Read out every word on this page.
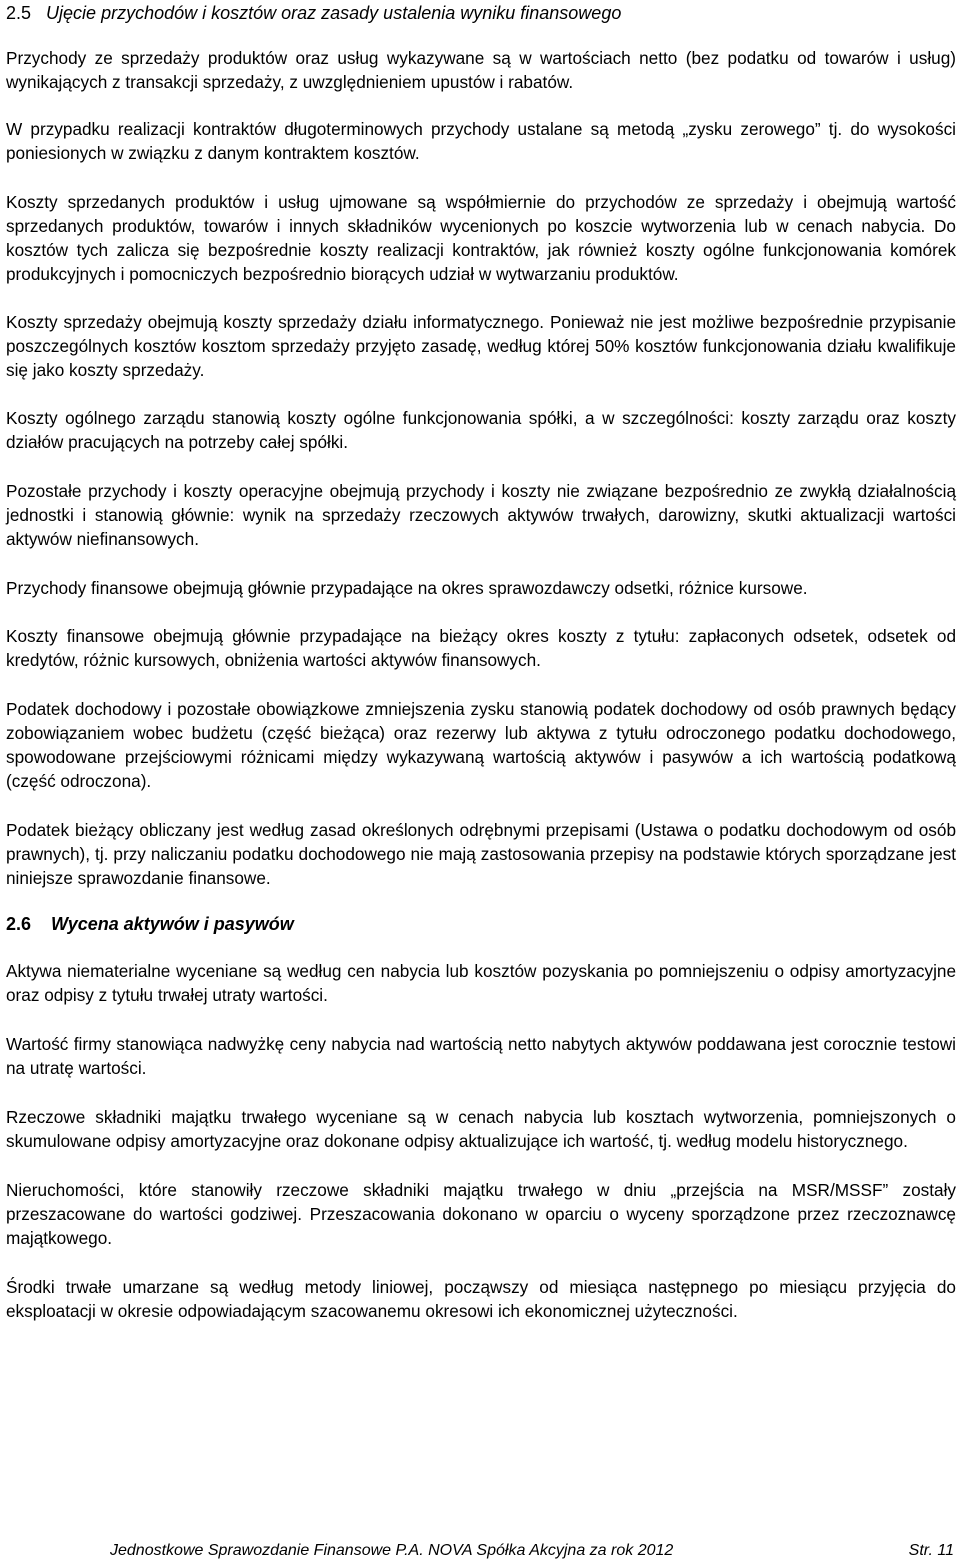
2.5 Ujęcie przychodów i kosztów oraz zasady ustalenia wyniku finansowego

Przychody ze sprzedaży produktów oraz usług wykazywane są w wartościach netto (bez podatku od towarów i usług) wynikających z transakcji sprzedaży, z uwzględnieniem upustów i rabatów.

W przypadku realizacji kontraktów długoterminowych przychody ustalane są metodą „zysku zerowego” tj. do wysokości poniesionych w związku z danym kontraktem kosztów.

Koszty sprzedanych produktów i usług ujmowane są współmiernie do przychodów ze sprzedaży i obejmują wartość sprzedanych produktów, towarów i innych składników wycenionych po koszcie wytworzenia lub w cenach nabycia. Do kosztów tych zalicza się bezpośrednie koszty realizacji kontraktów, jak również koszty ogólne funkcjonowania komórek produkcyjnych i pomocniczych bezpośrednio biorących udział w wytwarzaniu produktów.

Koszty sprzedaży obejmują koszty sprzedaży działu informatycznego. Ponieważ nie jest możliwe bezpośrednie przypisanie poszczególnych kosztów kosztom sprzedaży przyjęto zasadę, według której 50% kosztów funkcjonowania działu kwalifikuje się jako koszty sprzedaży.

Koszty ogólnego zarządu stanowią koszty ogólne funkcjonowania spółki, a w szczególności: koszty zarządu oraz koszty działów pracujących na potrzeby całej spółki.

Pozostałe przychody i koszty operacyjne obejmują przychody i koszty nie związane bezpośrednio ze zwykłą działalnością jednostki i stanowią głównie: wynik na sprzedaży rzeczowych aktywów trwałych, darowizny, skutki aktualizacji wartości aktywów niefinansowych.

Przychody finansowe obejmują głównie przypadające na okres sprawozdawczy odsetki, różnice kursowe.

Koszty finansowe obejmują głównie przypadające na bieżący okres koszty z tytułu: zapłaconych odsetek, odsetek od kredytów, różnic kursowych, obniżenia wartości aktywów finansowych.

Podatek dochodowy i pozostałe obowiązkowe zmniejszenia zysku stanowią podatek dochodowy od osób prawnych będący zobowiązaniem wobec budżetu (część bieżąca) oraz rezerwy lub aktywa z tytułu odroczonego podatku dochodowego, spowodowane przejściowymi różnicami między wykazywaną wartością aktywów i pasywów a ich wartością podatkową (część odroczona).

Podatek bieżący obliczany jest według zasad określonych odrębnymi przepisami (Ustawa o podatku dochodowym od osób prawnych), tj. przy naliczaniu podatku dochodowego nie mają zastosowania przepisy na podstawie których sporządzane jest niniejsze sprawozdanie finansowe.

2.6 Wycena aktywów i pasywów

Aktywa niematerialne wyceniane są według cen nabycia lub kosztów pozyskania po pomniejszeniu o odpisy amortyzacyjne oraz odpisy z tytułu trwałej utraty wartości.

Wartość firmy stanowiąca nadwyżkę ceny nabycia nad wartością netto nabytych aktywów poddawana jest corocznie testowi na utratę wartości.

Rzeczowe składniki majątku trwałego wyceniane są w cenach nabycia lub kosztach wytworzenia, pomniejszonych o skumulowane odpisy amortyzacyjne oraz dokonane odpisy aktualizujące ich wartość, tj. według modelu historycznego.

Nieruchomości, które stanowiły rzeczowe składniki majątku trwałego w dniu „przejścia na MSR/MSSF” zostały przeszacowane do wartości godziwej. Przeszacowania dokonano w oparciu o wyceny sporządzone przez rzeczoznawcę majątkowego.

Środki trwałe umarzane są według metody liniowej, począwszy od miesiąca następnego po miesiącu przyjęcia do eksploatacji w okresie odpowiadającym szacowanemu okresowi ich ekonomicznej użyteczności.

Jednostkowe Sprawozdanie Finansowe P.A. NOVA Spółka Akcyjna za rok 2012	Str. 11
